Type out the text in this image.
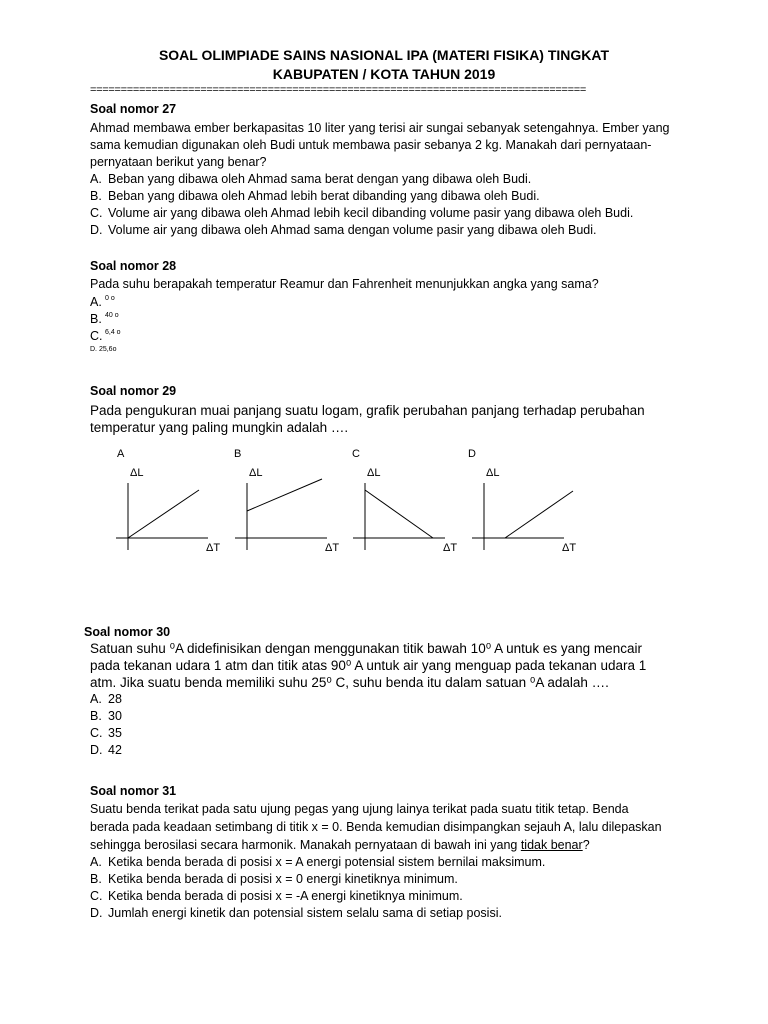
SOAL OLIMPIADE SAINS NASIONAL IPA (MATERI FISIKA) TINGKAT
KABUPATEN / KOTA TAHUN 2019
=================================================================================
Soal nomor 27
Ahmad membawa ember berkapasitas 10 liter yang terisi air sungai sebanyak setengahnya. Ember yang
sama kemudian digunakan oleh Budi untuk membawa pasir sebanya 2 kg. Manakah dari pernyataan-
pernyataan berikut yang benar?
A. Beban yang dibawa oleh Ahmad sama berat dengan yang dibawa oleh Budi.
B. Beban yang dibawa oleh Ahmad lebih berat dibanding yang dibawa oleh Budi.
C. Volume air yang dibawa oleh Ahmad lebih kecil dibanding volume pasir yang dibawa oleh Budi.
D. Volume air yang dibawa oleh Ahmad sama dengan volume pasir yang dibawa oleh Budi.
Soal nomor 28
Pada suhu berapakah temperatur Reamur dan Fahrenheit menunjukkan angka yang sama?
A. $^{0 o}$
B. $^{40 o}$
C. $^{6,4 o}$
D. 25,6o
Soal nomor 29
Pada pengukuran muai panjang suatu logam, grafik perubahan panjang terhadap perubahan
temperatur yang paling mungkin adalah ….
A
ΔL
ΔT
B
ΔL
ΔT
C
ΔL
ΔT
D
ΔL
ΔT
Soal nomor 30
Satuan suhu ⁰A didefinisikan dengan menggunakan titik bawah 10⁰ A untuk es yang mencair
pada tekanan udara 1 atm dan titik atas 90⁰ A untuk air yang menguap pada tekanan udara 1
atm. Jika suatu benda memiliki suhu 25⁰ C, suhu benda itu dalam satuan ⁰A adalah ….
A. 28
B. 30
C. 35
D. 42
Soal nomor 31
Suatu benda terikat pada satu ujung pegas yang ujung lainya terikat pada suatu titik tetap. Benda
berada pada keadaan setimbang di titik x = 0. Benda kemudian disimpangkan sejauh A, lalu dilepaskan
sehingga berosilasi secara harmonik. Manakah pernyataan di bawah ini yang tidak benar?
A. Ketika benda berada di posisi x = A energi potensial sistem bernilai maksimum.
B. Ketika benda berada di posisi x = 0 energi kinetiknya minimum.
C. Ketika benda berada di posisi x = -A energi kinetiknya minimum.
D. Jumlah energi kinetik dan potensial sistem selalu sama di setiap posisi.
